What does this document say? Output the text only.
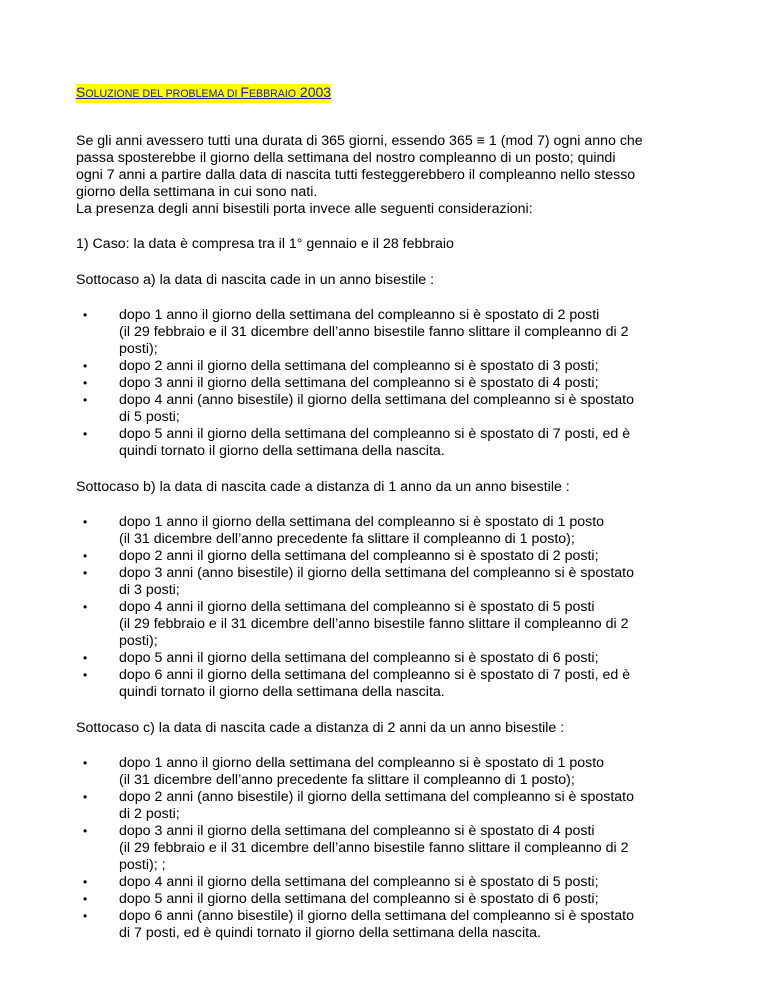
SOLUZIONE DEL PROBLEMA DI FEBBRAIO 2003
Se gli anni avessero tutti una durata di 365 giorni, essendo 365 ≡ 1 (mod 7) ogni anno che
passa sposterebbe il giorno della settimana del nostro compleanno di un posto; quindi
ogni 7 anni a partire dalla data di nascita tutti festeggerebbero il compleanno nello stesso
giorno della settimana in cui sono nati.
La presenza degli anni bisestili porta invece alle seguenti considerazioni:
1) Caso: la data è compresa tra il 1° gennaio e il 28 febbraio
Sottocaso a) la data di nascita cade in un anno bisestile :
• dopo 1 anno il giorno della settimana del compleanno si è spostato di 2 posti
(il 29 febbraio e il 31 dicembre dell’anno bisestile fanno slittare il compleanno di 2
posti);
• dopo 2 anni il giorno della settimana del compleanno si è spostato di 3 posti;
• dopo 3 anni il giorno della settimana del compleanno si è spostato di 4 posti;
• dopo 4 anni (anno bisestile) il giorno della settimana del compleanno si è spostato
di 5 posti;
• dopo 5 anni il giorno della settimana del compleanno si è spostato di 7 posti, ed è
quindi tornato il giorno della settimana della nascita.
Sottocaso b) la data di nascita cade a distanza di 1 anno da un anno bisestile :
• dopo 1 anno il giorno della settimana del compleanno si è spostato di 1 posto
(il 31 dicembre dell’anno precedente fa slittare il compleanno di 1 posto);
• dopo 2 anni il giorno della settimana del compleanno si è spostato di 2 posti;
• dopo 3 anni (anno bisestile) il giorno della settimana del compleanno si è spostato
di 3 posti;
• dopo 4 anni il giorno della settimana del compleanno si è spostato di 5 posti
(il 29 febbraio e il 31 dicembre dell’anno bisestile fanno slittare il compleanno di 2
posti);
• dopo 5 anni il giorno della settimana del compleanno si è spostato di 6 posti;
• dopo 6 anni il giorno della settimana del compleanno si è spostato di 7 posti, ed è
quindi tornato il giorno della settimana della nascita.
Sottocaso c) la data di nascita cade a distanza di 2 anni da un anno bisestile :
• dopo 1 anno il giorno della settimana del compleanno si è spostato di 1 posto
(il 31 dicembre dell’anno precedente fa slittare il compleanno di 1 posto);
• dopo 2 anni (anno bisestile) il giorno della settimana del compleanno si è spostato
di 2 posti;
• dopo 3 anni il giorno della settimana del compleanno si è spostato di 4 posti
(il 29 febbraio e il 31 dicembre dell’anno bisestile fanno slittare il compleanno di 2
posti); ;
• dopo 4 anni il giorno della settimana del compleanno si è spostato di 5 posti;
• dopo 5 anni il giorno della settimana del compleanno si è spostato di 6 posti;
• dopo 6 anni (anno bisestile) il giorno della settimana del compleanno si è spostato
di 7 posti, ed è quindi tornato il giorno della settimana della nascita.
